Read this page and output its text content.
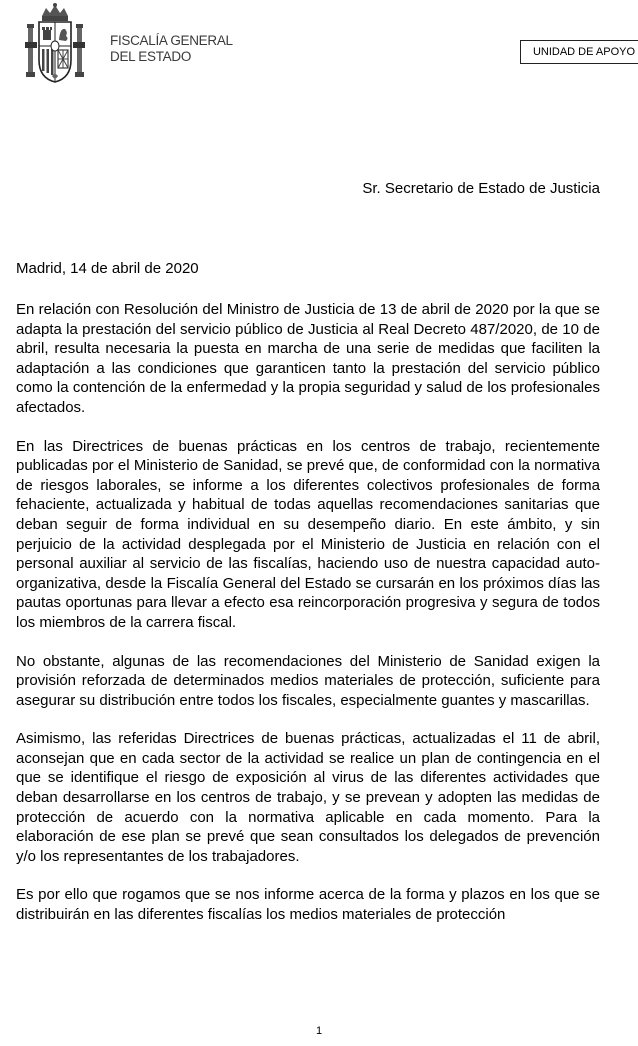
FISCALÍA GENERAL
DEL ESTADO	UNIDAD DE APOYO
Sr. Secretario de Estado de Justicia
Madrid, 14 de abril de 2020

En relación con Resolución del Ministro de Justicia de 13 de abril de 2020 por la que se adapta la prestación del servicio público de Justicia al Real Decreto 487/2020, de 10 de abril, resulta necesaria la puesta en marcha de una serie de medidas que faciliten la adaptación a las condiciones que garanticen tanto la prestación del servicio público como la contención de la enfermedad y la propia seguridad y salud de los profesionales afectados.

En las Directrices de buenas prácticas en los centros de trabajo, recientemente publicadas por el Ministerio de Sanidad, se prevé que, de conformidad con la normativa de riesgos laborales, se informe a los diferentes colectivos profesionales de forma fehaciente, actualizada y habitual de todas aquellas recomendaciones sanitarias que deban seguir de forma individual en su desempeño diario. En este ámbito, y sin perjuicio de la actividad desplegada por el Ministerio de Justicia en relación con el personal auxiliar al servicio de las fiscalías, haciendo uso de nuestra capacidad auto-organizativa, desde la Fiscalía General del Estado se cursarán en los próximos días las pautas oportunas para llevar a efecto esa reincorporación progresiva y segura de todos los miembros de la carrera fiscal.

No obstante, algunas de las recomendaciones del Ministerio de Sanidad exigen la provisión reforzada de determinados medios materiales de protección, suficiente para asegurar su distribución entre todos los fiscales, especialmente guantes y mascarillas.

Asimismo, las referidas Directrices de buenas prácticas, actualizadas el 11 de abril, aconsejan que en cada sector de la actividad se realice un plan de contingencia en el que se identifique el riesgo de exposición al virus de las diferentes actividades que deban desarrollarse en los centros de trabajo, y se prevean y adopten las medidas de protección de acuerdo con la normativa aplicable en cada momento. Para la elaboración de ese plan se prevé que sean consultados los delegados de prevención y/o los representantes de los trabajadores.

Es por ello que rogamos que se nos informe acerca de la forma y plazos en los que se distribuirán en las diferentes fiscalías los medios materiales de protección

1
